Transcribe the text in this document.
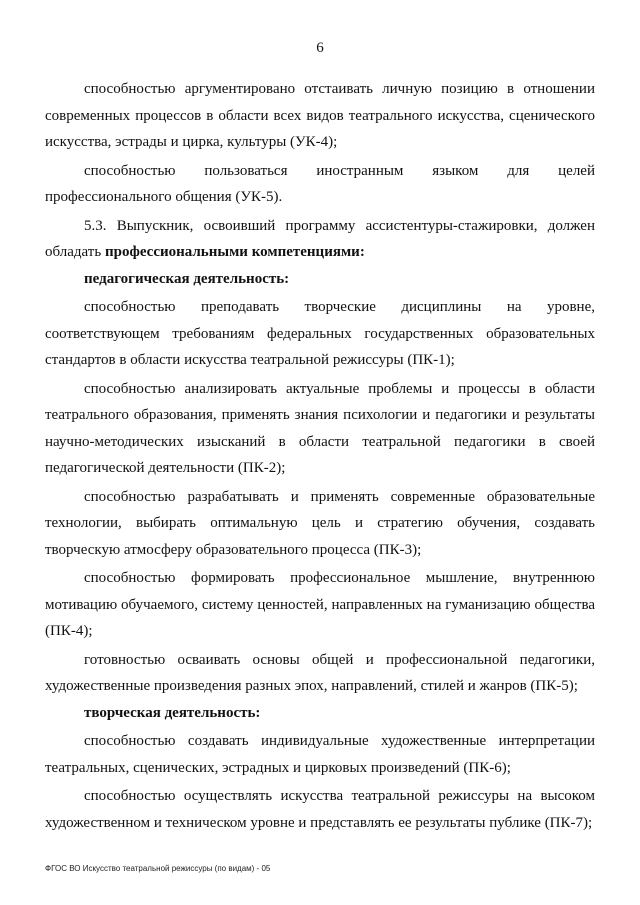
6

способностью аргументировано отстаивать личную позицию в отношении современных процессов в области всех видов театрального искусства, сценического искусства, эстрады и цирка, культуры (УК-4);

способностью пользоваться иностранным языком для целей профессионального общения (УК-5).

5.3. Выпускник, освоивший программу ассистентуры-стажировки, должен обладать профессиональными компетенциями:

педагогическая деятельность:

способностью преподавать творческие дисциплины на уровне, соответствующем требованиям федеральных государственных образовательных стандартов в области искусства театральной режиссуры (ПК-1);

способностью анализировать актуальные проблемы и процессы в области театрального образования, применять знания психологии и педагогики и результаты научно-методических изысканий в области театральной педагогики в своей педагогической деятельности (ПК-2);

способностью разрабатывать и применять современные образовательные технологии, выбирать оптимальную цель и стратегию обучения, создавать творческую атмосферу образовательного процесса (ПК-3);

способностью формировать профессиональное мышление, внутреннюю мотивацию обучаемого, систему ценностей, направленных на гуманизацию общества (ПК-4);

готовностью осваивать основы общей и профессиональной педагогики, художественные произведения разных эпох, направлений, стилей и жанров (ПК-5);

творческая деятельность:

способностью создавать индивидуальные художественные интерпретации театральных, сценических, эстрадных и цирковых произведений (ПК-6);

способностью осуществлять искусства театральной режиссуры на высоком художественном и техническом уровне и представлять ее результаты публике (ПК-7);

ФГОС ВО Искусство театральной режиссуры (по видам) - 05
